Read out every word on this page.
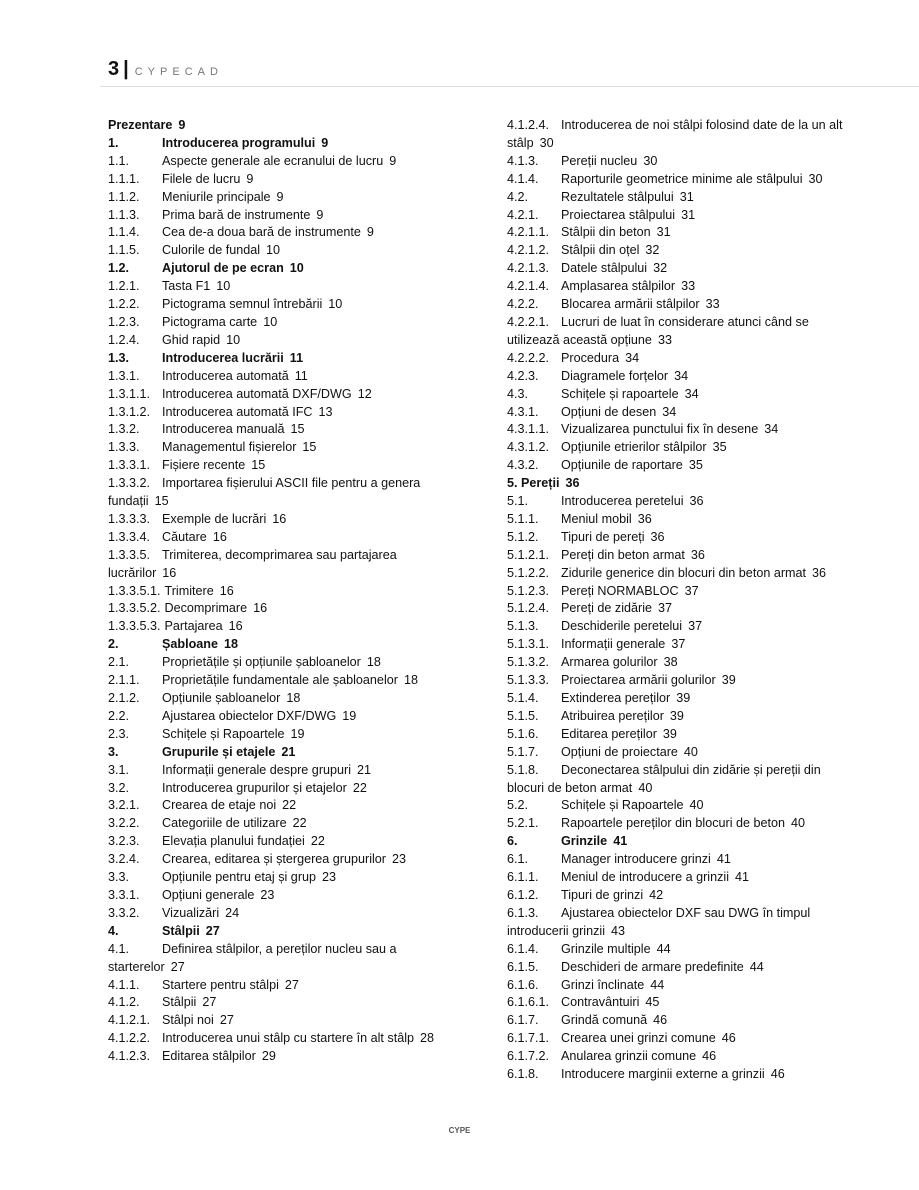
3 | CYPECAD
Prezentare 9
1.	Introducerea programului 9
1.1.	Aspecte generale ale ecranului de lucru 9
1.1.1. Filele de lucru 9
1.1.2. Meniurile principale 9
1.1.3. Prima bară de instrumente 9
1.1.4. Cea de-a doua bară de instrumente 9
1.1.5. Culorile de fundal 10
1.2.	Ajutorul de pe ecran 10
1.2.1. Tasta F1 10
1.2.2. Pictograma semnul întrebării 10
1.2.3. Pictograma carte 10
1.2.4. Ghid rapid 10
1.3.	Introducerea lucrării 11
1.3.1. Introducerea automată 11
1.3.1.1. Introducerea automată DXF/DWG 12
1.3.1.2. Introducerea automată IFC 13
1.3.2. Introducerea manuală 15
1.3.3. Managementul fișierelor 15
1.3.3.1. Fișiere recente 15
1.3.3.2. Importarea fișierului ASCII file pentru a genera fundații 15
1.3.3.3. Exemple de lucrări 16
1.3.3.4. Căutare 16
1.3.3.5. Trimiterea, decomprimarea sau partajarea lucrărilor 16
1.3.3.5.1. Trimitere 16
1.3.3.5.2. Decomprimare 16
1.3.3.5.3. Partajarea 16
2.	Șabloane 18
2.1.	Proprietățile și opțiunile șabloanelor 18
2.1.1. Proprietățile fundamentale ale șabloanelor 18
2.1.2. Opțiunile șabloanelor 18
2.2.	Ajustarea obiectelor DXF/DWG 19
2.3.	Schițele și Rapoartele 19
3.	Grupurile și etajele 21
3.1.	Informații generale despre grupuri 21
3.2.	Introducerea grupurilor și etajelor 22
3.2.1. Crearea de etaje noi 22
3.2.2. Categoriile de utilizare 22
3.2.3. Elevația planului fundației 22
3.2.4. Crearea, editarea și ștergerea grupurilor 23
3.3.	Opțiunile pentru etaj și grup 23
3.3.1. Opțiuni generale 23
3.3.2. Vizualizări 24
4.	Stâlpii 27
4.1.	Definirea stâlpilor, a pereților nucleu sau a starterelor 27
4.1.1. Startere pentru stâlpi 27
4.1.2. Stâlpii 27
4.1.2.1. Stâlpi noi 27
4.1.2.2. Introducerea unui stâlp cu startere în alt stâlp 28
4.1.2.3. Editarea stâlpilor 29
4.1.2.4. Introducerea de noi stâlpi folosind date de la un alt stâlp 30
4.1.3. Pereții nucleu 30
4.1.4. Raporturile geometrice minime ale stâlpului 30
4.2.	Rezultatele stâlpului 31
4.2.1. Proiectarea stâlpului 31
4.2.1.1. Stâlpii din beton 31
4.2.1.2. Stâlpii din oțel 32
4.2.1.3. Datele stâlpului 32
4.2.1.4. Amplasarea stâlpilor 33
4.2.2. Blocarea armării stâlpilor 33
4.2.2.1. Lucruri de luat în considerare atunci când se utilizează această opțiune 33
4.2.2.2. Procedura 34
4.2.3. Diagramele forțelor 34
4.3.	Schițele și rapoartele 34
4.3.1. Opțiuni de desen 34
4.3.1.1. Vizualizarea punctului fix în desene 34
4.3.1.2. Opțiunile etrierilor stâlpilor 35
4.3.2. Opțiunile de raportare 35
5. Pereții 36
5.1.	Introducerea peretelui 36
5.1.1. Meniul mobil 36
5.1.2. Tipuri de pereți 36
5.1.2.1. Pereți din beton armat 36
5.1.2.2. Zidurile generice din blocuri din beton armat 36
5.1.2.3. Pereți NORMABLOC 37
5.1.2.4. Pereți de zidărie 37
5.1.3. Deschiderile peretelui 37
5.1.3.1. Informații generale 37
5.1.3.2. Armarea golurilor 38
5.1.3.3. Proiectarea armării golurilor 39
5.1.4. Extinderea pereților 39
5.1.5. Atribuirea pereților 39
5.1.6. Editarea pereților 39
5.1.7. Opțiuni de proiectare 40
5.1.8. Deconectarea stâlpului din zidărie și pereții din blocuri de beton armat 40
5.2.	Schițele și Rapoartele 40
5.2.1. Rapoartele pereților din blocuri de beton 40
6.	Grinzile 41
6.1.	Manager introducere grinzi 41
6.1.1. Meniul de introducere a grinzii 41
6.1.2. Tipuri de grinzi 42
6.1.3. Ajustarea obiectelor DXF sau DWG în timpul introducerii grinzii 43
6.1.4. Grinzile multiple 44
6.1.5. Deschideri de armare predefinite 44
6.1.6. Grinzi înclinate 44
6.1.6.1. Contravântuiri 45
6.1.7. Grindă comună 46
6.1.7.1. Crearea unei grinzi comune 46
6.1.7.2. Anularea grinzii comune 46
6.1.8. Introducere marginii externe a grinzii 46
CYPE
